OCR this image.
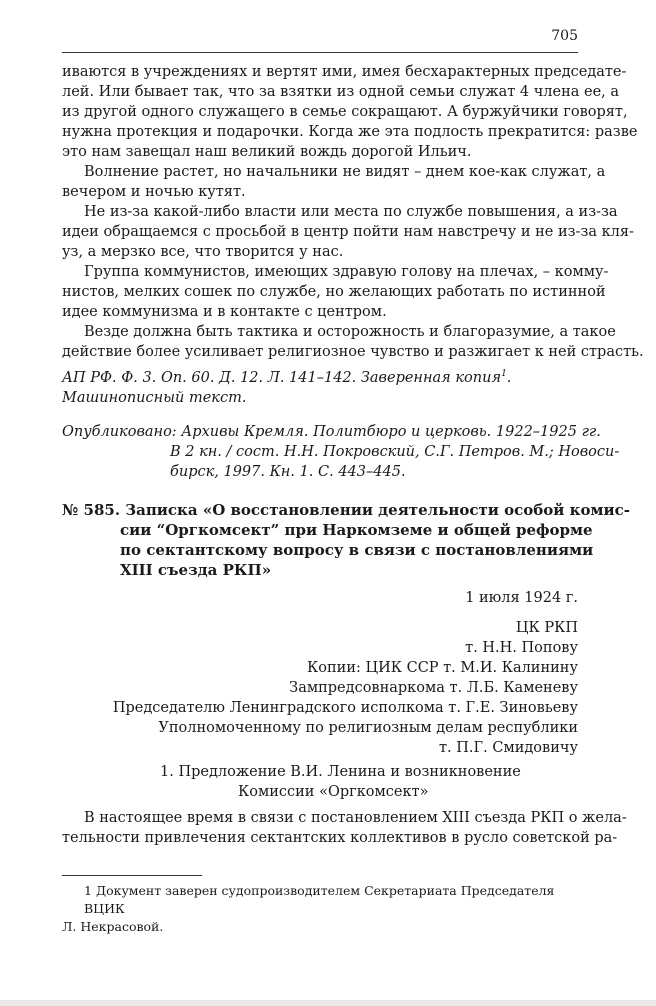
705
иваются в учреждениях и вертят ими, имея бесхарактерных председате-
лей. Или бывает так, что за взятки из одной семьи служат 4 члена ее, а
из другой одного служащего в семье сокращают. А буржуйчики говорят,
нужна протекция и подарочки. Когда же эта подлость прекратится: разве
это нам завещал наш великий вождь дорогой Ильич.
Волнение растет, но начальники не видят – днем кое-как служат, а
вечером и ночью кутят.
Не из-за какой-либо власти или места по службе повышения, а из-за
идеи обращаемся с просьбой в центр пойти нам навстречу и не из-за кля-
уз, а мерзко все, что творится у нас.
Группа коммунистов, имеющих здравую голову на плечах, – комму-
нистов, мелких сошек по службе, но желающих работать по истинной
идее коммунизма и в контакте с центром.
Везде должна быть тактика и осторожность и благоразумие, а такое
действие более усиливает религиозное чувство и разжигает к ней страсть.
АП РФ. Ф. 3. Оп. 60. Д. 12. Л. 141–142. Заверенная копия$^1$.
Машинописный текст.
Опубликовано: Архивы Кремля. Политбюро и церковь. 1922–1925 гг.
В 2 кн. / сост. Н.Н. Покровский, С.Г. Петров. М.; Новоси-
бирск, 1997. Кн. 1. С. 443–445.
№ 585. Записка «О восстановлении деятельности особой комис-
сии “Оргкомсект” при Наркомземе и общей реформе
по сектантскому вопросу в связи с постановлениями
XIII съезда РКП»
1 июля 1924 г.
ЦК РКП
т. Н.Н. Попову
Копии: ЦИК ССР т. М.И. Калинину
Зампредсовнаркома т. Л.Б. Каменеву
Председателю Ленинградского исполкома т. Г.Е. Зиновьеву
Уполномоченному по религиозным делам республики
т. П.Г. Смидовичу
1. Предложение В.И. Ленина и возникновение
Комиссии «Оргкомсект»
В настоящее время в связи с постановлением XIII съезда РКП о жела-
тельности привлечения сектантских коллективов в русло советской ра-
1 Документ заверен судопроизводителем Секретариата Председателя ВЦИК
Л. Некрасовой.
